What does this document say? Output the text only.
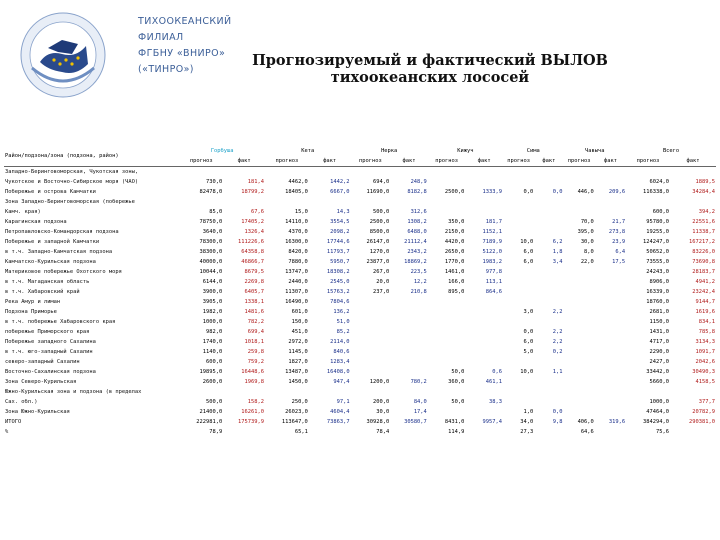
ТИХООКЕАНСКИЙ
ФИЛИАЛ
ФГБНУ «ВНИРО»
(«ТИНРО»)
Прогнозируемый и фактический ВЫЛОВ
тихоокеанских лососей
Район/подзона/зона (подзона, район)	Горбуша		Кета		Нерка		Кижуч		Сима		Чавыча		Всего	
	прогноз	факт	прогноз	факт	прогноз	факт	прогноз	факт	прогноз	факт	прогноз	факт	прогноз	факт
Западно-Беринговоморская, Чукотская зоны,														
Чукотское и Восточно-Сибирское моря (ЧАО)	730,0	181,4	4462,0	1442,2	694,0	248,9							6024,0	1889,5
Побережье и острова Камчатки	82478,0	18799,2	18405,0	6667,0	11690,0	8182,8	2500,0	1333,9	0,0	0,0	446,0	209,6	116338,0	34284,4
Зона Западно-Беринговоморская (побережье														
Камч. края)	85,0	67,6	15,0	14,3	500,0	312,6							600,0	394,2
Карагинская подзона	78750,0	17405,2	14110,0	3554,5	2500,0	1308,2	350,0	181,7			70,0	21,7	95780,0	22551,6
Петропавловско-Командорская подзона	3640,0	1326,4	4370,0	2098,2	8500,0	6488,0	2150,0	1152,1			395,0	273,8	19255,0	11338,7
Побережье и западной Камчатки	78300,0	111226,6	16300,0	17744,6	26147,0	21112,4	4420,0	7189,9	10,0	6,2	30,0	23,9	124247,0	167217,2
в т.ч. Западно-Камчатская подзона	38300,0	64358,8	8420,0	11793,7	1270,0	2343,2	2650,0	5122,0	6,0	1,8	8,0	6,4	50652,0	83226,0
Камчатско-Курильская подзона	40000,0	46866,7	7880,0	5950,7	23877,0	18869,2	1770,0	1983,2	6,0	3,4	22,0	17,5	73555,0	73690,8
Материковое побережье Охотского моря	10044,0	8679,5	13747,0	18308,2	267,0	223,5	1461,0	977,8					24243,0	28183,7
в т.ч. Магаданская область	6144,0	2269,8	2440,0	2545,0	20,0	12,2	166,0	113,1					8906,0	4941,2
в т.ч. Хабаровский край	3900,0	6405,7	11307,0	15763,2	237,0	210,8	895,0	864,6					16339,0	23242,4
Река Амур и лиман	3905,0	1338,1	16490,0	7804,6									18760,0	9144,7
Подзона Приморье	1982,0	1481,6	601,0	136,2					3,0	2,2			2681,0	1619,6
в т.ч. побережье Хабаровского края	1000,0	782,2	150,0	51,0									1150,0	834,1
побережье Приморского края	982,0	699,4	451,0	85,2					0,0	2,2			1431,0	785,8
Побережье западного Сахалина	1740,0	1018,1	2972,0	2114,0					6,0	2,2			4717,0	3134,3
в т.ч. юго-западный Сахалин	1140,0	259,8	1145,0	840,6					5,0	0,2			2290,0	1091,7
северо-западный Сахалин	600,0	759,2	1827,0	1283,4									2427,0	2042,6
Восточно-Сахалинская подзона	19895,0	16448,6	13487,0	16408,0			50,0	0,6	10,0	1,1			33442,0	30490,3
Зона Северо-Курильская	2600,0	1969,8	1450,0	947,4	1200,0	780,2	360,0	461,1					5660,0	4158,5
Южно-Курильская зона и подзона (в пределах														
Сах. обл.)	500,0	158,2	250,0	97,1	200,0	84,0	50,0	38,3					1000,0	377,7
Зона Южно-Курильская	21400,0	16261,0	26023,0	4604,4	30,0	17,4			1,0	0,0			47464,0	20782,9
ИТОГО	222981,0	175739,9	113647,0	73863,7	30928,0	30580,7	8431,0	9957,4	34,0	9,8	406,0	319,6	384294,0	290381,0
%	78,9		65,1		78,4		114,9		27,3		64,6		75,6	
